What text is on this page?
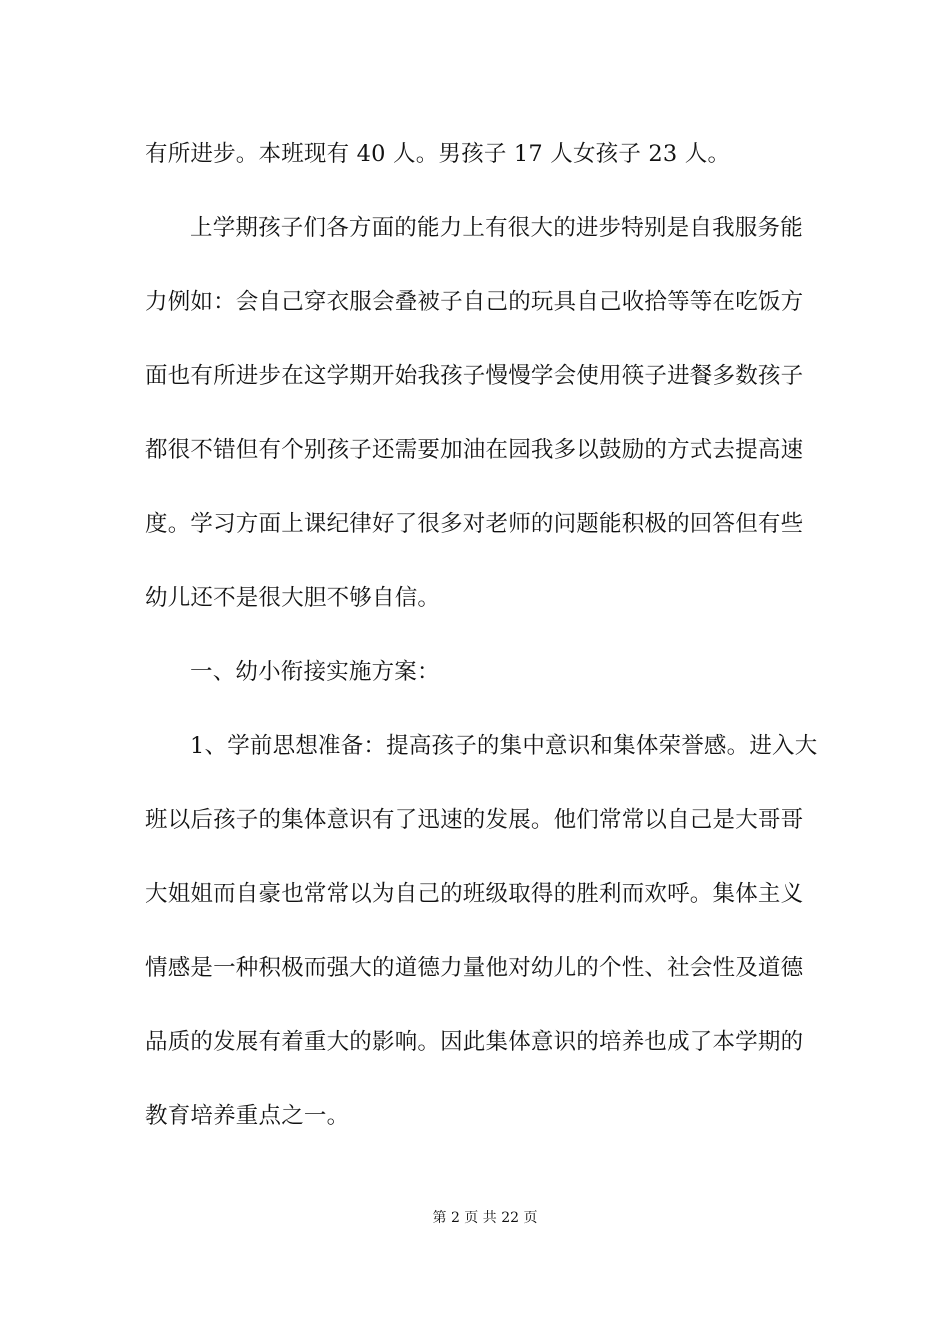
有所进步。本班现有 40 人。男孩子 17 人女孩子 23 人。
上学期孩子们各方面的能力上有很大的进步特别是自我服务能
力例如：会自己穿衣服会叠被子自己的玩具自己收拾等等在吃饭方
面也有所进步在这学期开始我孩子慢慢学会使用筷子进餐多数孩子
都很不错但有个别孩子还需要加油在园我多以鼓励的方式去提高速
度。学习方面上课纪律好了很多对老师的问题能积极的回答但有些
幼儿还不是很大胆不够自信。
一、幼小衔接实施方案：
1、学前思想准备：提高孩子的集中意识和集体荣誉感。进入大
班以后孩子的集体意识有了迅速的发展。他们常常以自己是大哥哥
大姐姐而自豪也常常以为自己的班级取得的胜利而欢呼。集体主义
情感是一种积极而强大的道德力量他对幼儿的个性、社会性及道德
品质的发展有着重大的影响。因此集体意识的培养也成了本学期的
教育培养重点之一。
第 2 页 共 22 页
